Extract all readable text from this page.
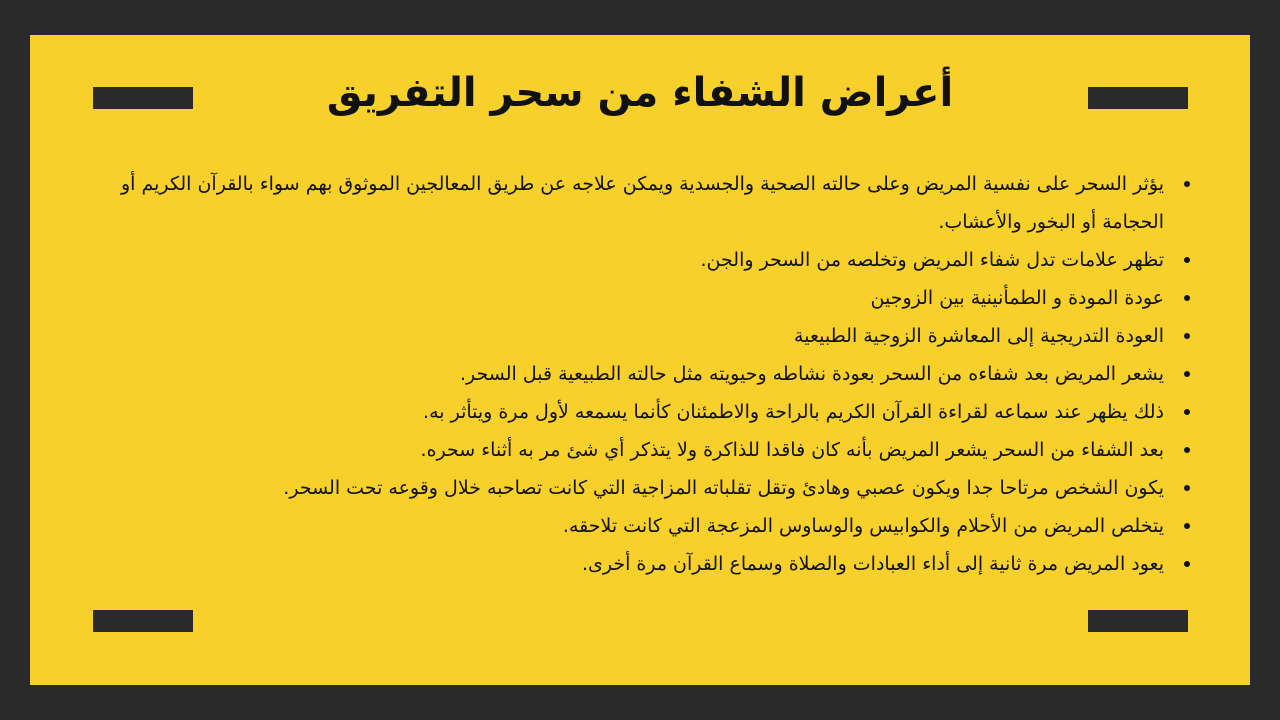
أعراض الشفاء من سحر التفريق
يؤثر السحر على نفسية المريض وعلى حالته الصحية والجسدية ويمكن علاجه عن طريق المعالجين الموثوق بهم سواء بالقرآن الكريم أو الحجامة أو البخور والأعشاب.
تظهر علامات تدل شفاء المريض وتخلصه من السحر والجن.
عودة المودة و الطمأنينية بين الزوجين
العودة التدريجية إلى المعاشرة الزوجية الطبيعية
يشعر المريض بعد شفاءه من السحر بعودة نشاطه وحيويته مثل حالته الطبيعية قبل السحر.
ذلك يظهر عند سماعه لقراءة القرآن الكريم بالراحة والاطمئنان كأنما يسمعه لأول مرة ويتأثر به.
بعد الشفاء من السحر يشعر المريض بأنه كان فاقدا للذاكرة ولا يتذكر أي شئ مر به أثناء سحره.
يكون الشخص مرتاحا جدا ويكون عصبي وهادئ وتقل تقلباته المزاجية التي كانت تصاحبه خلال وقوعه تحت السحر.
يتخلص المريض من الأحلام والكوابيس والوساوس المزعجة التي كانت تلاحقه.
يعود المريض مرة ثانية إلى أداء العبادات والصلاة وسماع القرآن مرة أخرى.
